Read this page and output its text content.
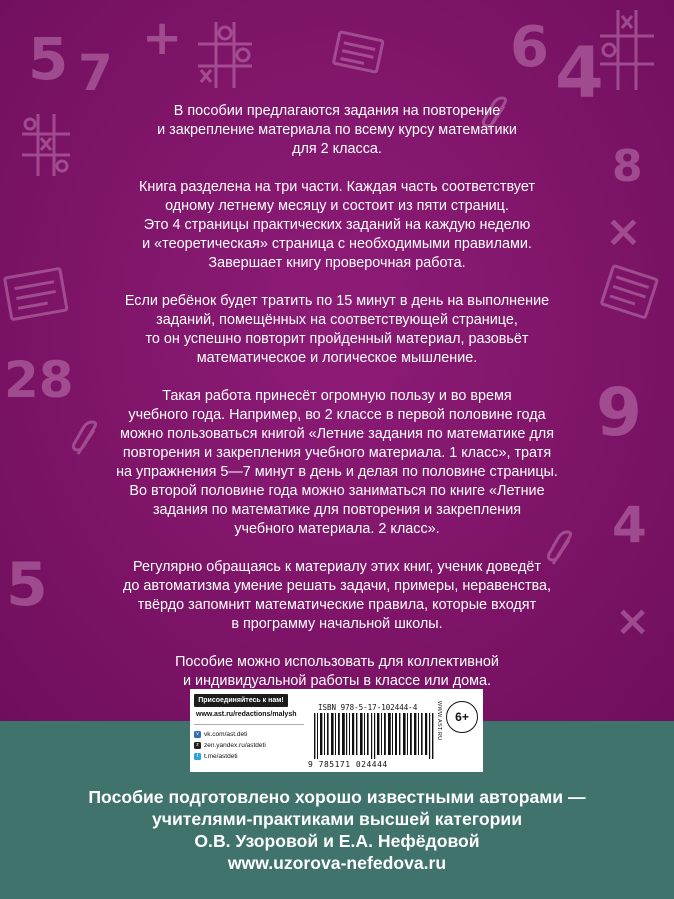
5 7
+	6 4
8
×
28	9
4
5
×

В пособии предлагаются задания на повторение
и закрепление материала по всему курсу математики
для 2 класса.

Книга разделена на три части. Каждая часть соответствует
одному летнему месяцу и состоит из пяти страниц.
Это 4 страницы практических заданий на каждую неделю
и «теоретическая» страница с необходимыми правилами.
Завершает книгу проверочная работа.

Если ребёнок будет тратить по 15 минут в день на выполнение
заданий, помещённых на соответствующей странице,
то он успешно повторит пройденный материал, разовьёт
математическое и логическое мышление.

Такая работа принесёт огромную пользу и во время
учебного года. Например, во 2 классе в первой половине года
можно пользоваться книгой «Летние задания по математике для
повторения и закрепления учебного материала. 1 класс», тратя
на упражнения 5—7 минут в день и делая по половине страницы.
Во второй половине года можно заниматься по книге «Летние
задания по математике для повторения и закрепления
учебного материала. 2 класс».

Регулярно обращаясь к материалу этих книг, ученик доведёт
до автоматизма умение решать задачи, примеры, неравенства,
твёрдо запомнит математические правила, которые входят
в программу начальной школы.

Пособие можно использовать для коллективной
и индивидуальной работы в классе или дома.

Присоединяйтесь к нам!
www.ast.ru/redactions/malysh
v vk.com/ast.deti
z zen.yandex.ru/astdeti
t t.me/astdeti
ISBN 978-5-17-102444-4
9 785171 024444
WWW.AST.RU	6+
Пособие подготовлено хорошо известными авторами —
учителями-практиками высшей категории
О.В. Узоровой и Е.А. Нефёдовой
www.uzorova-nefedova.ru
